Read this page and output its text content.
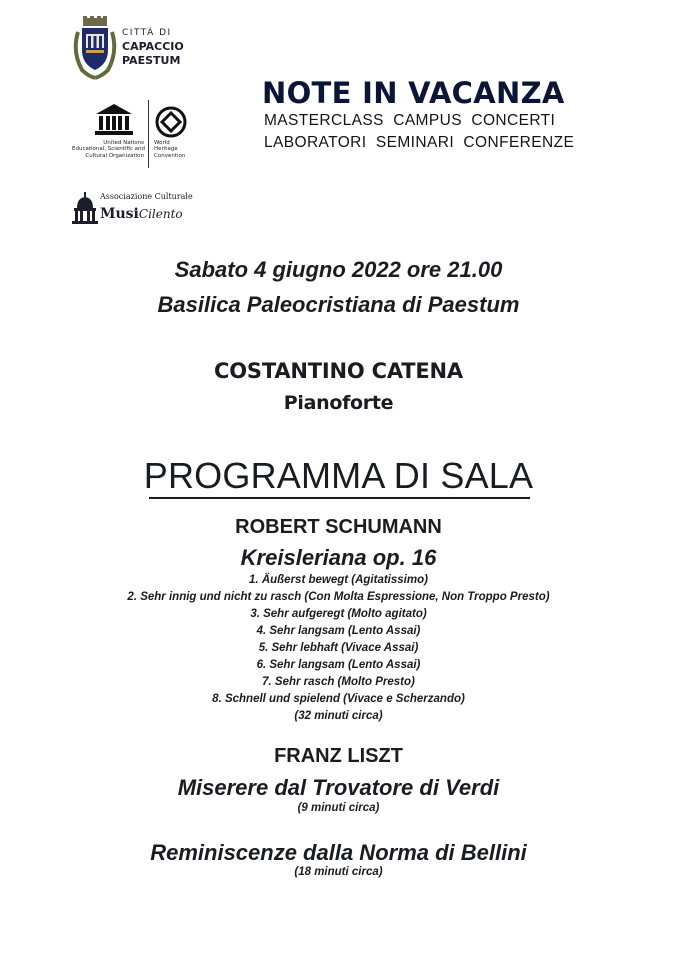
CITTÀ DI
CAPACCIO
PAESTUM
United Nations
Educational, Scientific and
Cultural Organization
World
Heritage
Convention
Associazione Culturale
MusiCilento
NOTE IN VACANZA
MASTERCLASS  CAMPUS  CONCERTI
LABORATORI  SEMINARI  CONFERENZE
Sabato 4 giugno 2022 ore 21.00
Basilica Paleocristiana di Paestum
COSTANTINO CATENA
Pianoforte
PROGRAMMA DI SALA
ROBERT SCHUMANN
Kreisleriana op. 16
1. Äußerst bewegt (Agitatissimo)
2. Sehr innig und nicht zu rasch (Con Molta Espressione, Non Troppo Presto)
3. Sehr aufgeregt (Molto agitato)
4. Sehr langsam (Lento Assai)
5. Sehr lebhaft (Vivace Assai)
6. Sehr langsam (Lento Assai)
7. Sehr rasch (Molto Presto)
8. Schnell und spielend (Vivace e Scherzando)
(32 minuti circa)
FRANZ LISZT
Miserere dal Trovatore di Verdi
(9 minuti circa)
Reminiscenze dalla Norma di Bellini
(18 minuti circa)
